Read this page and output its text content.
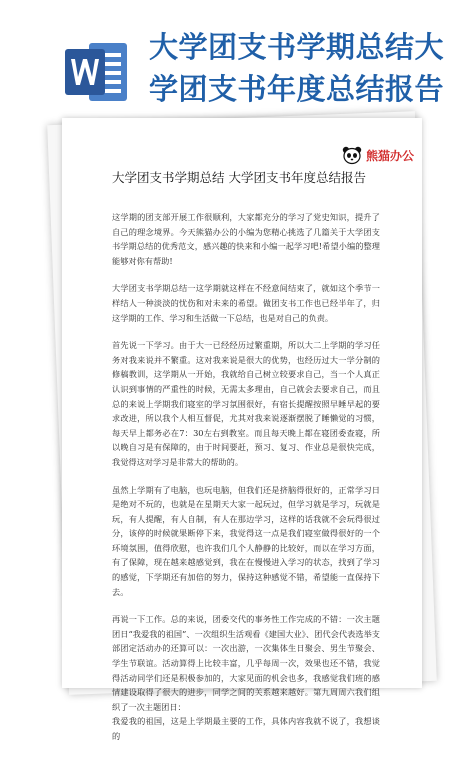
大学团支书学期总结大
学团支书年度总结报告
熊猫办公
大学团支书学期总结 大学团支书年度总结报告

这学期的团支部开展工作很顺利，大家都充分的学习了党史知识，提升了自己的理念境界。今天熊猫办公的小编为您精心挑选了几篇关于大学团支书学期总结的优秀范文，感兴趣的快来和小编一起学习吧!希望小编的整理能够对你有帮助!

大学团支书学期总结一这学期就这样在不经意间结束了，就如这个季节一样结人一种淡淡的忧伤和对未来的希望。做团支书工作也已经半年了，归这学期的工作、学习和生活做一下总结，也是对自己的负责。

首先说一下学习。由于大一已经经历过繁重期，所以大二上学期的学习任务对我来说并不繁重。这对我来说是很大的优势，也经历过大一学分制的修稿教训，这学期从一开始，我就给自己树立较要求自己，当一个人真正认识到事情的严重性的时候，无需太多理由，自己就会去要求自己，而且总的来说上学期我们寝室的学习氛围很好，有宿长提醒按照早睡早起的要求改进，所以我个人相互督促，尤其对我来说逐渐摆脱了睡懒觉的习惯，每天早上都务必在7：30左右到教室。而且每天晚上都在寝团委查寝，所以晚自习是有保障的，由于时间要赶，预习、复习、作业总是很快完成，我觉得这对学习是非常大的帮助的。

虽然上学期有了电脑，也玩电脑，但我们还是挤脑得很好的，正常学习日是绝对不玩的，也就是在星期天大家一起玩过，但学习就是学习，玩就是玩，有人提醒，有人自制，有人在那边学习，这样的话我就不会玩得很过分，该停的时候就果断停下来，我觉得这一点是我们寝室做得很好的一个环境氛围，值得欣慰，也许我们几个人静静的比较好，而以在学习方面，有了保障，现在越来越感觉到，我在在慢慢进入学习的状态，找到了学习的感觉，下学期还有加倍的努力，保持这种感觉不错，希望能一直保持下去。

再说一下工作。总的来说，团委交代的事务性工作完成的不错：一次主题团日“我爱我的祖国”、一次组织生活观看《建国大业》、团代会代表选举支部团定活动办的还算可以：一次出游，一次集体生日聚会、男生节聚会、学生节联谊。活动算得上比较丰富，几乎每周一次，效果也还不错，我觉得活动同学们还是积极参加的，大家见面的机会也多，我感觉我们班的感情建设取得了很大的进步，同学之间的关系越来越好。第九周周六我们组织了一次主题团日：

我爱我的祖国，这是上学期最主要的工作，具体内容我就不说了，我想谈的
